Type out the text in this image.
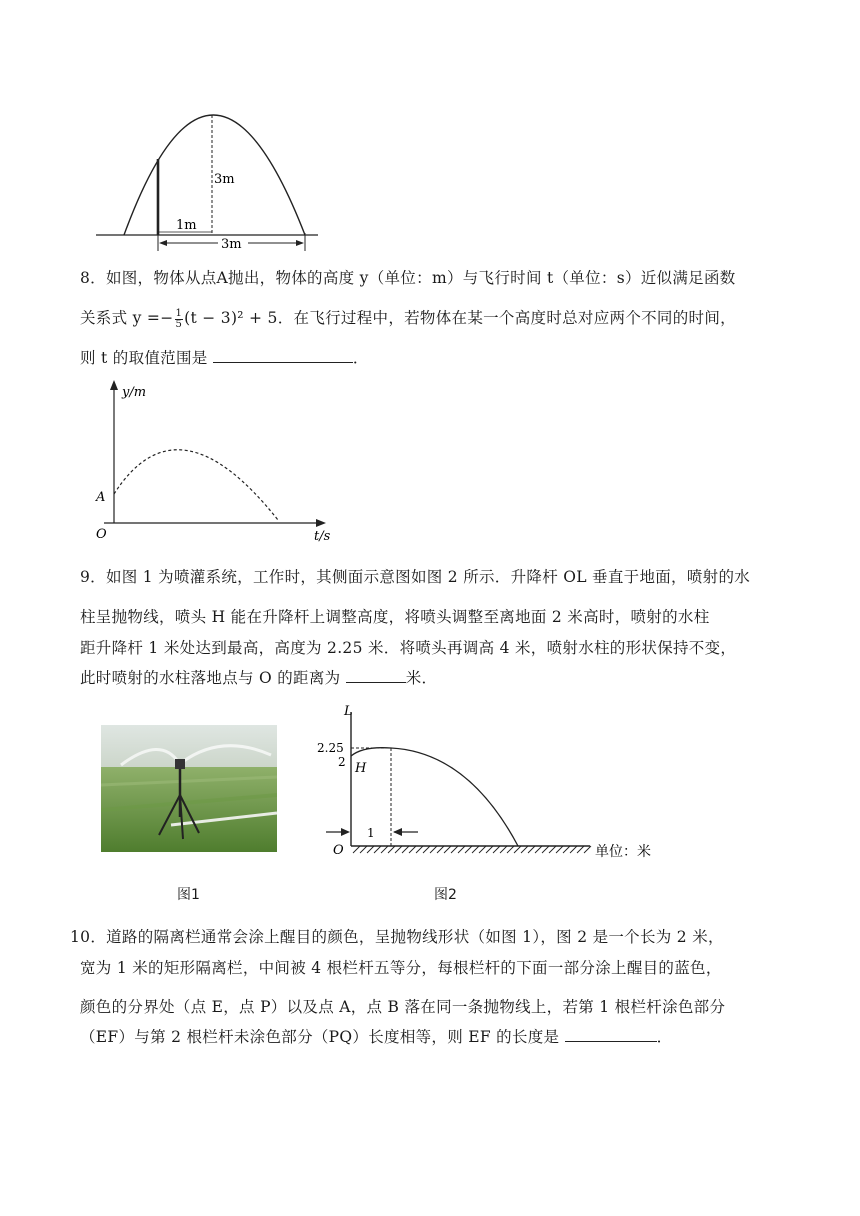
3m
1m
3m
8．如图，物体从点A抛出，物体的高度 y（单位：m）与飞行时间 t（单位：s）近似满足函数
关系式 $y =- \frac{1}{5} (t - 3)^2 + 5$．在飞行过程中，若物体在某一个高度时总对应两个不同的时间，
则 t 的取值范围是	．
y/m
t/s
O
A
9．如图 1 为喷灌系统，工作时，其侧面示意图如图 2 所示．升降杆 OL 垂直于地面，喷射的水
柱呈抛物线，喷头 H 能在升降杆上调整高度，将喷头调整至离地面 2 米高时，喷射的水柱
距升降杆 1 米处达到最高，高度为 2.25 米．将喷头再调高 4 米，喷射水柱的形状保持不变，
此时喷射的水柱落地点与 O 的距离为	米．
L
2.25
2 H
1
O	单位：米
图1	图2
10．道路的隔离栏通常会涂上醒目的颜色，呈抛物线形状（如图 1），图 2 是一个长为 2 米，
宽为 1 米的矩形隔离栏，中间被 4 根栏杆五等分，每根栏杆的下面一部分涂上醒目的蓝色，
颜色的分界处（点 E，点 P）以及点 A，点 B 落在同一条抛物线上，若第 1 根栏杆涂色部分
（EF）与第 2 根栏杆未涂色部分（PQ）长度相等，则 EF 的长度是	．
